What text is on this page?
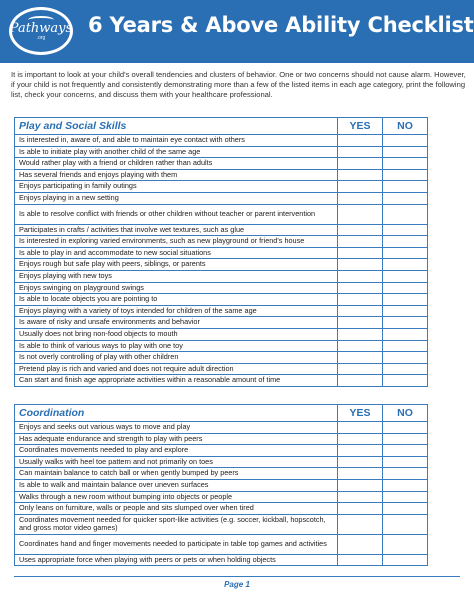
Pathways
.org
6 Years & Above Ability Checklist
It is important to look at your child's overall tendencies and clusters of behavior. One or two concerns should not cause alarm. However, if your child is not frequently and consistently demonstrating more than a few of the listed items in each age category, print the following list, check your concerns, and discuss them with your healthcare professional.
Play and Social Skills	YES	NO
Is interested in, aware of, and able to maintain eye contact with others		
Is able to initiate play with another child of the same age		
Would rather play with a friend or children rather than adults		
Has several friends and enjoys playing with them		
Enjoys participating in family outings		
Enjoys playing in a new setting		
Is able to resolve conflict with friends or other children without teacher or parent intervention		
Participates in crafts / activities that involve wet textures, such as glue		
Is interested in exploring varied environments, such as new playground or friend's house		
Is able to play in and accommodate to new social situations		
Enjoys rough but safe play with peers, siblings, or parents		
Enjoys playing with new toys		
Enjoys swinging on playground swings		
Is able to locate objects you are pointing to		
Enjoys playing with a variety of toys intended for children of the same age		
Is aware of risky and unsafe environments and behavior		
Usually does not bring non-food objects to mouth		
Is able to think of various ways to play with one toy		
Is not overly controlling of play with other children		
Pretend play is rich and varied and does not require adult direction		
Can start and finish age appropriate activities within a reasonable amount of time		
Coordination	YES	NO
Enjoys and seeks out various ways to move and play		
Has adequate endurance and strength to play with peers		
Coordinates movements needed to play and explore		
Usually walks with heel toe pattern and not primarily on toes		
Can maintain balance to catch ball or when gently bumped by peers		
Is able to walk and maintain balance over uneven surfaces		
Walks through a new room without bumping into objects or people		
Only leans on furniture, walls or people and sits slumped over when tired		
Coordinates movement needed for quicker sport-like activities (e.g. soccer, kickball, hopscotch, and gross motor video games)		
Coordinates hand and finger movements needed to participate in table top games and activities		
Uses appropriate force when playing with peers or pets or when holding objects		
Page 1
